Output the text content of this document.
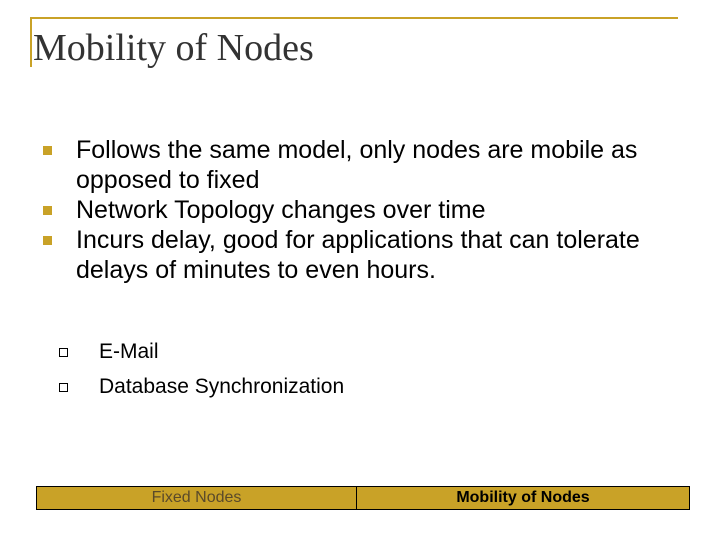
Mobility of Nodes
Follows the same model, only nodes are mobile as opposed to fixed
Network Topology changes over time
Incurs delay, good for applications that can tolerate delays of minutes to even hours.
E-Mail
Database Synchronization
Fixed Nodes	Mobility of Nodes
